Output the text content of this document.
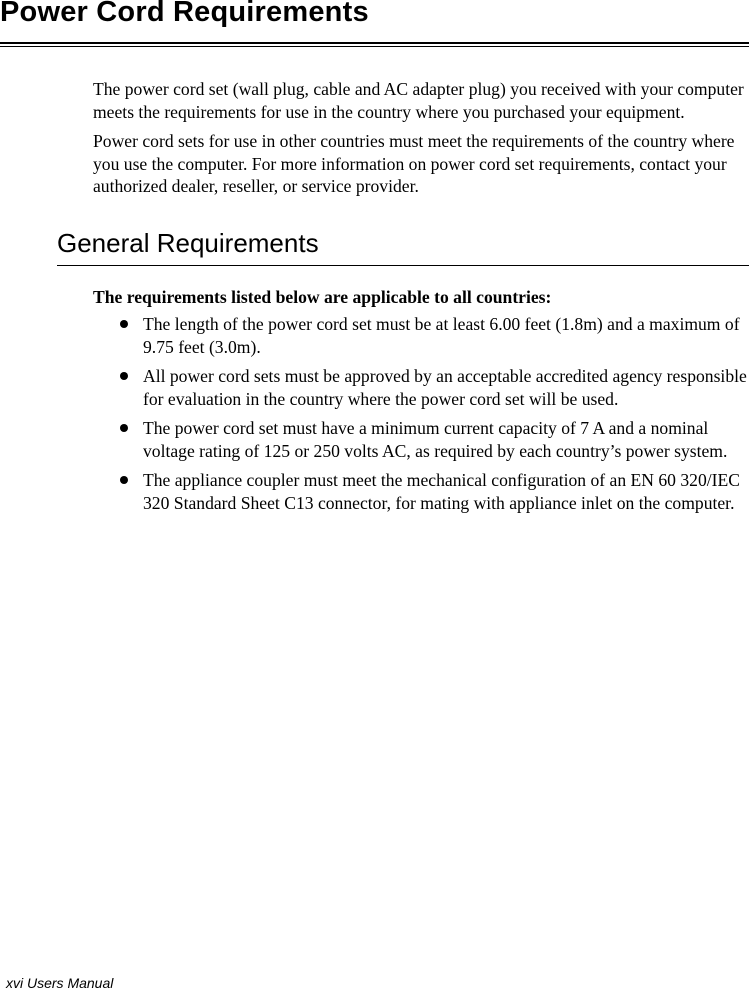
Power Cord Requirements

The power cord set (wall plug, cable and AC adapter plug) you received with your computer meets the requirements for use in the country where you purchased your equipment.

Power cord sets for use in other countries must meet the requirements of the country where you use the computer. For more information on power cord set requirements, contact your authorized dealer, reseller, or service provider.

General Requirements

The requirements listed below are applicable to all countries:

The length of the power cord set must be at least 6.00 feet (1.8m) and a maximum of 9.75 feet (3.0m).
All power cord sets must be approved by an acceptable accredited agency responsible for evaluation in the country where the power cord set will be used.
The power cord set must have a minimum current capacity of 7 A and a nominal voltage rating of 125 or 250 volts AC, as required by each country’s power system.
The appliance coupler must meet the mechanical configuration of an EN 60 320/IEC 320 Standard Sheet C13 connector, for mating with appliance inlet on the computer.
xvi Users Manual
